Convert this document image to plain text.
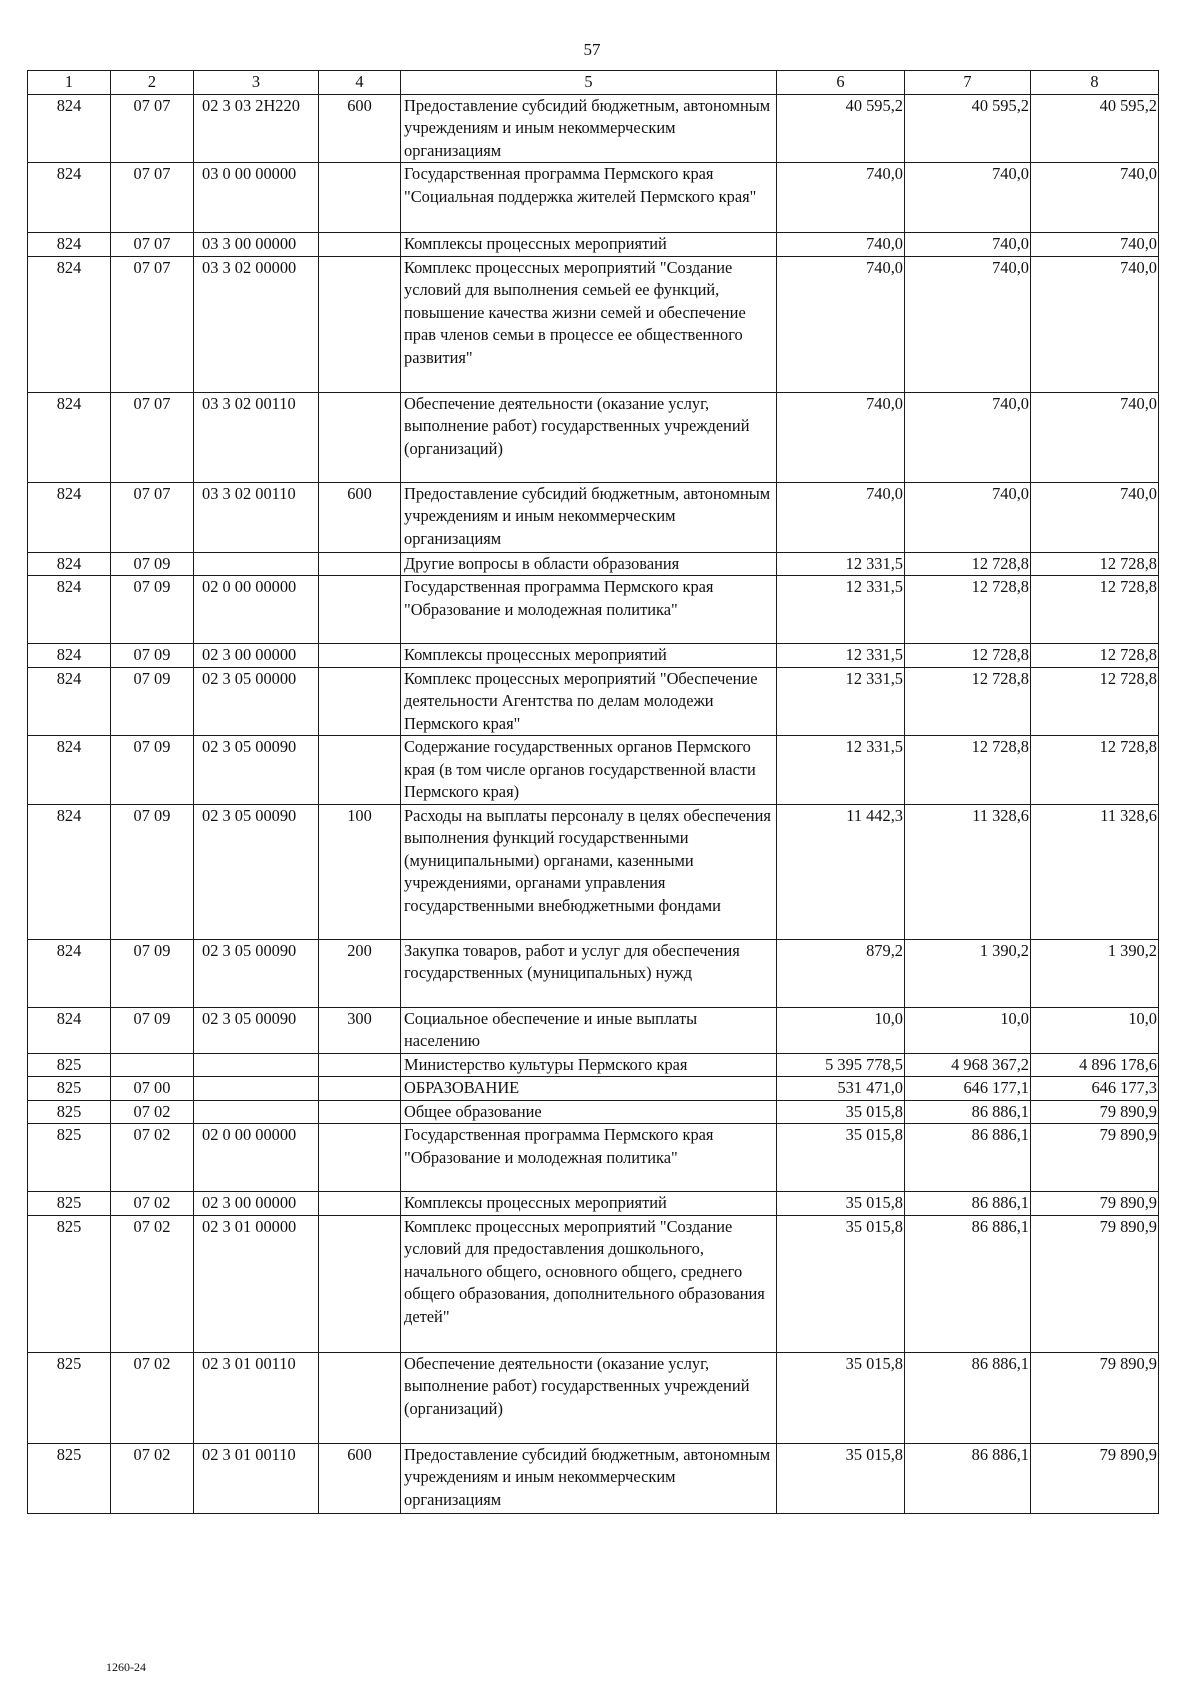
57
1	2	3	4	5	6	7	8
824	07 07	02 3 03 2Н220	600	Предоставление субсидий бюджетным, автономным учреждениям и иным некоммерческим организациям	40 595,2	40 595,2	40 595,2
824	07 07	03 0 00 00000		Государственная программа Пермского края "Социальная поддержка жителей Пермского края"	740,0	740,0	740,0
824	07 07	03 3 00 00000		Комплексы процессных мероприятий	740,0	740,0	740,0
824	07 07	03 3 02 00000		Комплекс процессных мероприятий "Создание условий для выполнения семьей ее функций, повышение качества жизни семей и обеспечение прав членов семьи в процессе ее общественного развития"	740,0	740,0	740,0
824	07 07	03 3 02 00110		Обеспечение деятельности (оказание услуг, выполнение работ) государственных учреждений (организаций)	740,0	740,0	740,0
824	07 07	03 3 02 00110	600	Предоставление субсидий бюджетным, автономным учреждениям и иным некоммерческим организациям	740,0	740,0	740,0
824	07 09			Другие вопросы в области образования	12 331,5	12 728,8	12 728,8
824	07 09	02 0 00 00000		Государственная программа Пермского края "Образование и молодежная политика"	12 331,5	12 728,8	12 728,8
824	07 09	02 3 00 00000		Комплексы процессных мероприятий	12 331,5	12 728,8	12 728,8
824	07 09	02 3 05 00000		Комплекс процессных мероприятий "Обеспечение деятельности Агентства по делам молодежи Пермского края"	12 331,5	12 728,8	12 728,8
824	07 09	02 3 05 00090		Содержание государственных органов Пермского края (в том числе органов государственной власти Пермского края)	12 331,5	12 728,8	12 728,8
824	07 09	02 3 05 00090	100	Расходы на выплаты персоналу в целях обеспечения выполнения функций государственными (муниципальными) органами, казенными учреждениями, органами управления государственными внебюджетными фондами	11 442,3	11 328,6	11 328,6
824	07 09	02 3 05 00090	200	Закупка товаров, работ и услуг для обеспечения государственных (муниципальных) нужд	879,2	1 390,2	1 390,2
824	07 09	02 3 05 00090	300	Социальное обеспечение и иные выплаты населению	10,0	10,0	10,0
825				Министерство культуры Пермского края	5 395 778,5	4 968 367,2	4 896 178,6
825	07 00			ОБРАЗОВАНИЕ	531 471,0	646 177,1	646 177,3
825	07 02			Общее образование	35 015,8	86 886,1	79 890,9
825	07 02	02 0 00 00000		Государственная программа Пермского края "Образование и молодежная политика"	35 015,8	86 886,1	79 890,9
825	07 02	02 3 00 00000		Комплексы процессных мероприятий	35 015,8	86 886,1	79 890,9
825	07 02	02 3 01 00000		Комплекс процессных мероприятий "Создание условий для предоставления дошкольного, начального общего, основного общего, среднего общего образования, дополнительного образования детей"	35 015,8	86 886,1	79 890,9
825	07 02	02 3 01 00110		Обеспечение деятельности (оказание услуг, выполнение работ) государственных учреждений (организаций)	35 015,8	86 886,1	79 890,9
825	07 02	02 3 01 00110	600	Предоставление субсидий бюджетным, автономным учреждениям и иным некоммерческим организациям	35 015,8	86 886,1	79 890,9
1260-24
